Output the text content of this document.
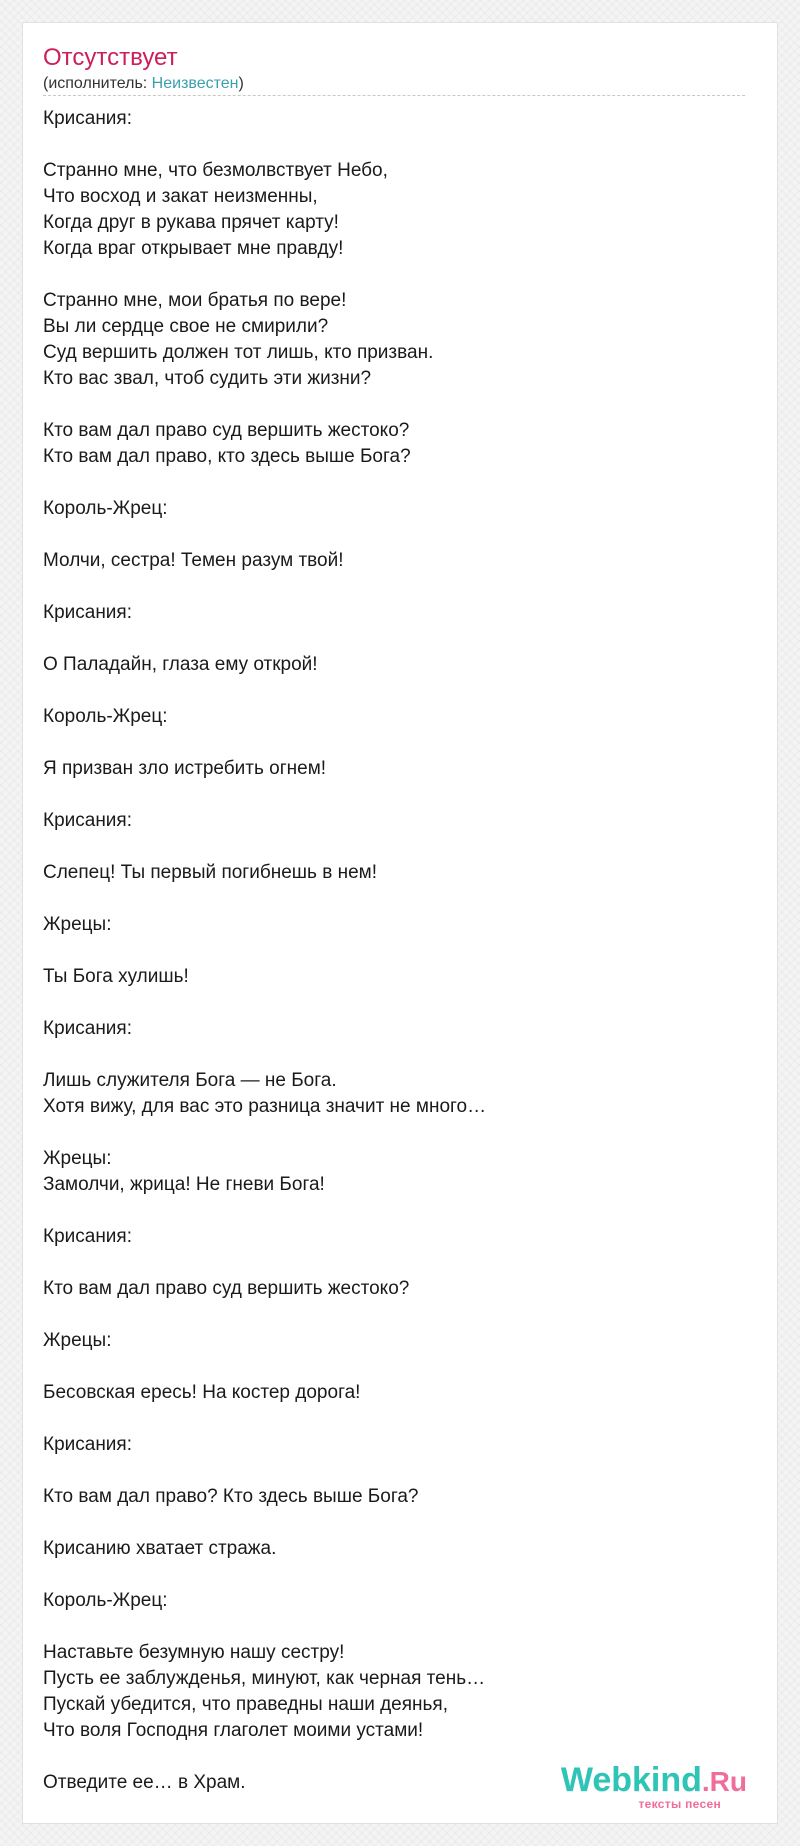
Отсутствует
(исполнитель: Неизвестен)
Крисания:
Странно мне, что безмолвствует Небо,
Что восход и закат неизменны,
Когда друг в рукава прячет карту!
Когда враг открывает мне правду!
Странно мне, мои братья по вере!
Вы ли сердце свое не смирили?
Суд вершить должен тот лишь, кто призван.
Кто вас звал, чтоб судить эти жизни?
Кто вам дал право суд вершить жестоко?
Кто вам дал право, кто здесь выше Бога?
Король-Жрец:
Молчи, сестра! Темен разум твой!
Крисания:
О Паладайн, глаза ему открой!
Король-Жрец:
Я призван зло истребить огнем!
Крисания:
Слепец! Ты первый погибнешь в нем!
Жрецы:
Ты Бога хулишь!
Крисания:
Лишь служителя Бога — не Бога.
Хотя вижу, для вас это разница значит не много…
Жрецы:
Замолчи, жрица! Не гневи Бога!
Крисания:
Кто вам дал право суд вершить жестоко?
Жрецы:
Бесовская ересь! На костер дорога!
Крисания:
Кто вам дал право? Кто здесь выше Бога?
Крисанию хватает стража.
Король-Жрец:
Наставьте безумную нашу сестру!
Пусть ее заблужденья, минуют, как черная тень…
Пускай убедится, что праведны наши деянья,
Что воля Господня глаголет моими устами!
Отведите ее… в Храм.	Webkind.Ru
тексты песен
